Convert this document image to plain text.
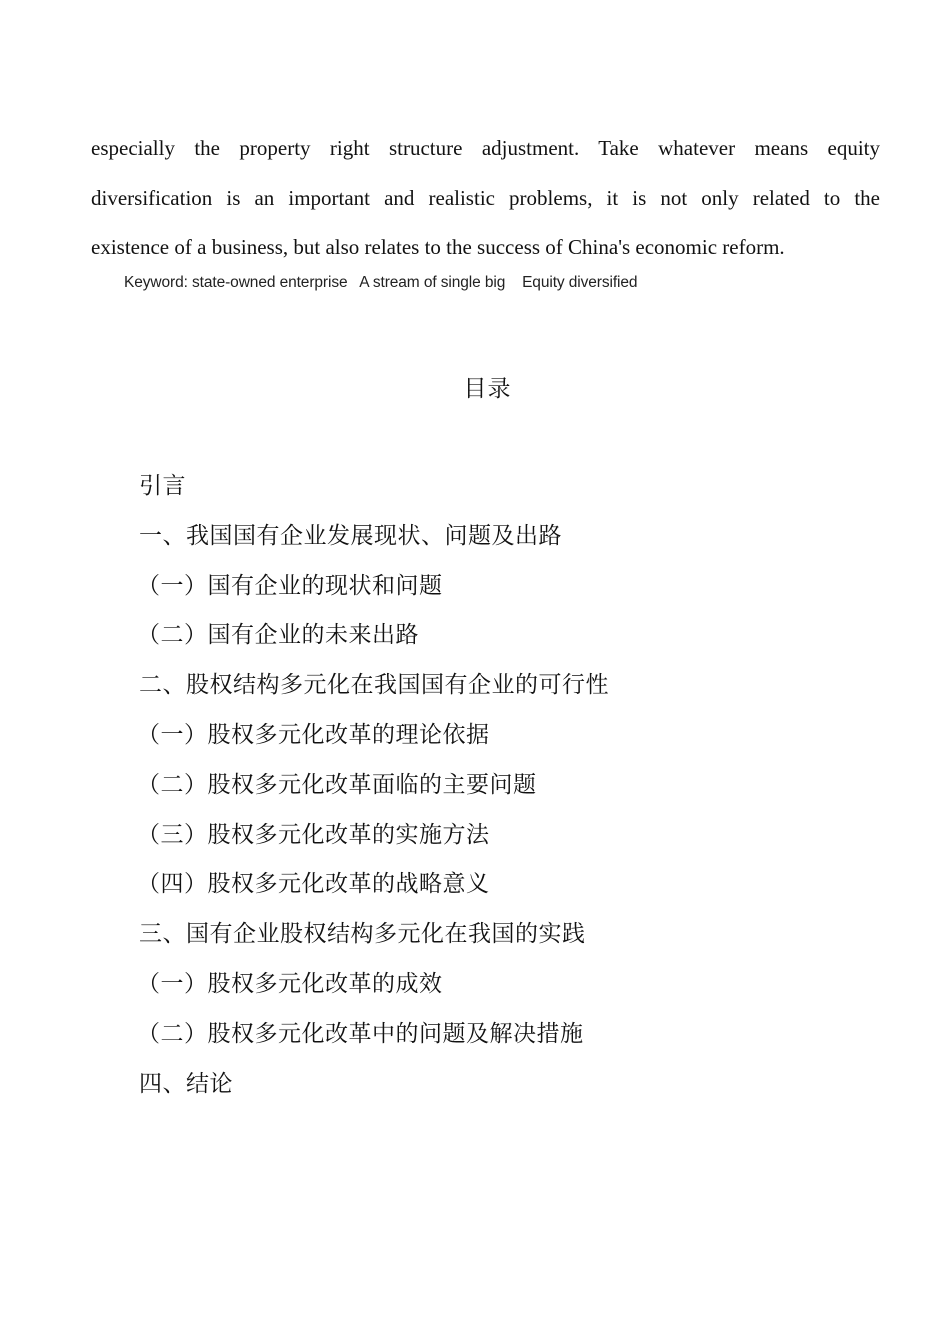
especially the property right structure adjustment. Take whatever means equity
diversification is an important and realistic problems, it is not only related to the
existence of a business, but also relates to the success of China's economic reform.
Keyword: state-owned enterprise   A stream of single big    Equity diversified
目录
引言
一、我国国有企业发展现状、问题及出路
（一）国有企业的现状和问题
（二）国有企业的未来出路
二、股权结构多元化在我国国有企业的可行性
（一）股权多元化改革的理论依据
（二）股权多元化改革面临的主要问题
（三）股权多元化改革的实施方法
（四）股权多元化改革的战略意义
三、国有企业股权结构多元化在我国的实践
（一）股权多元化改革的成效
（二）股权多元化改革中的问题及解决措施
四、结论
